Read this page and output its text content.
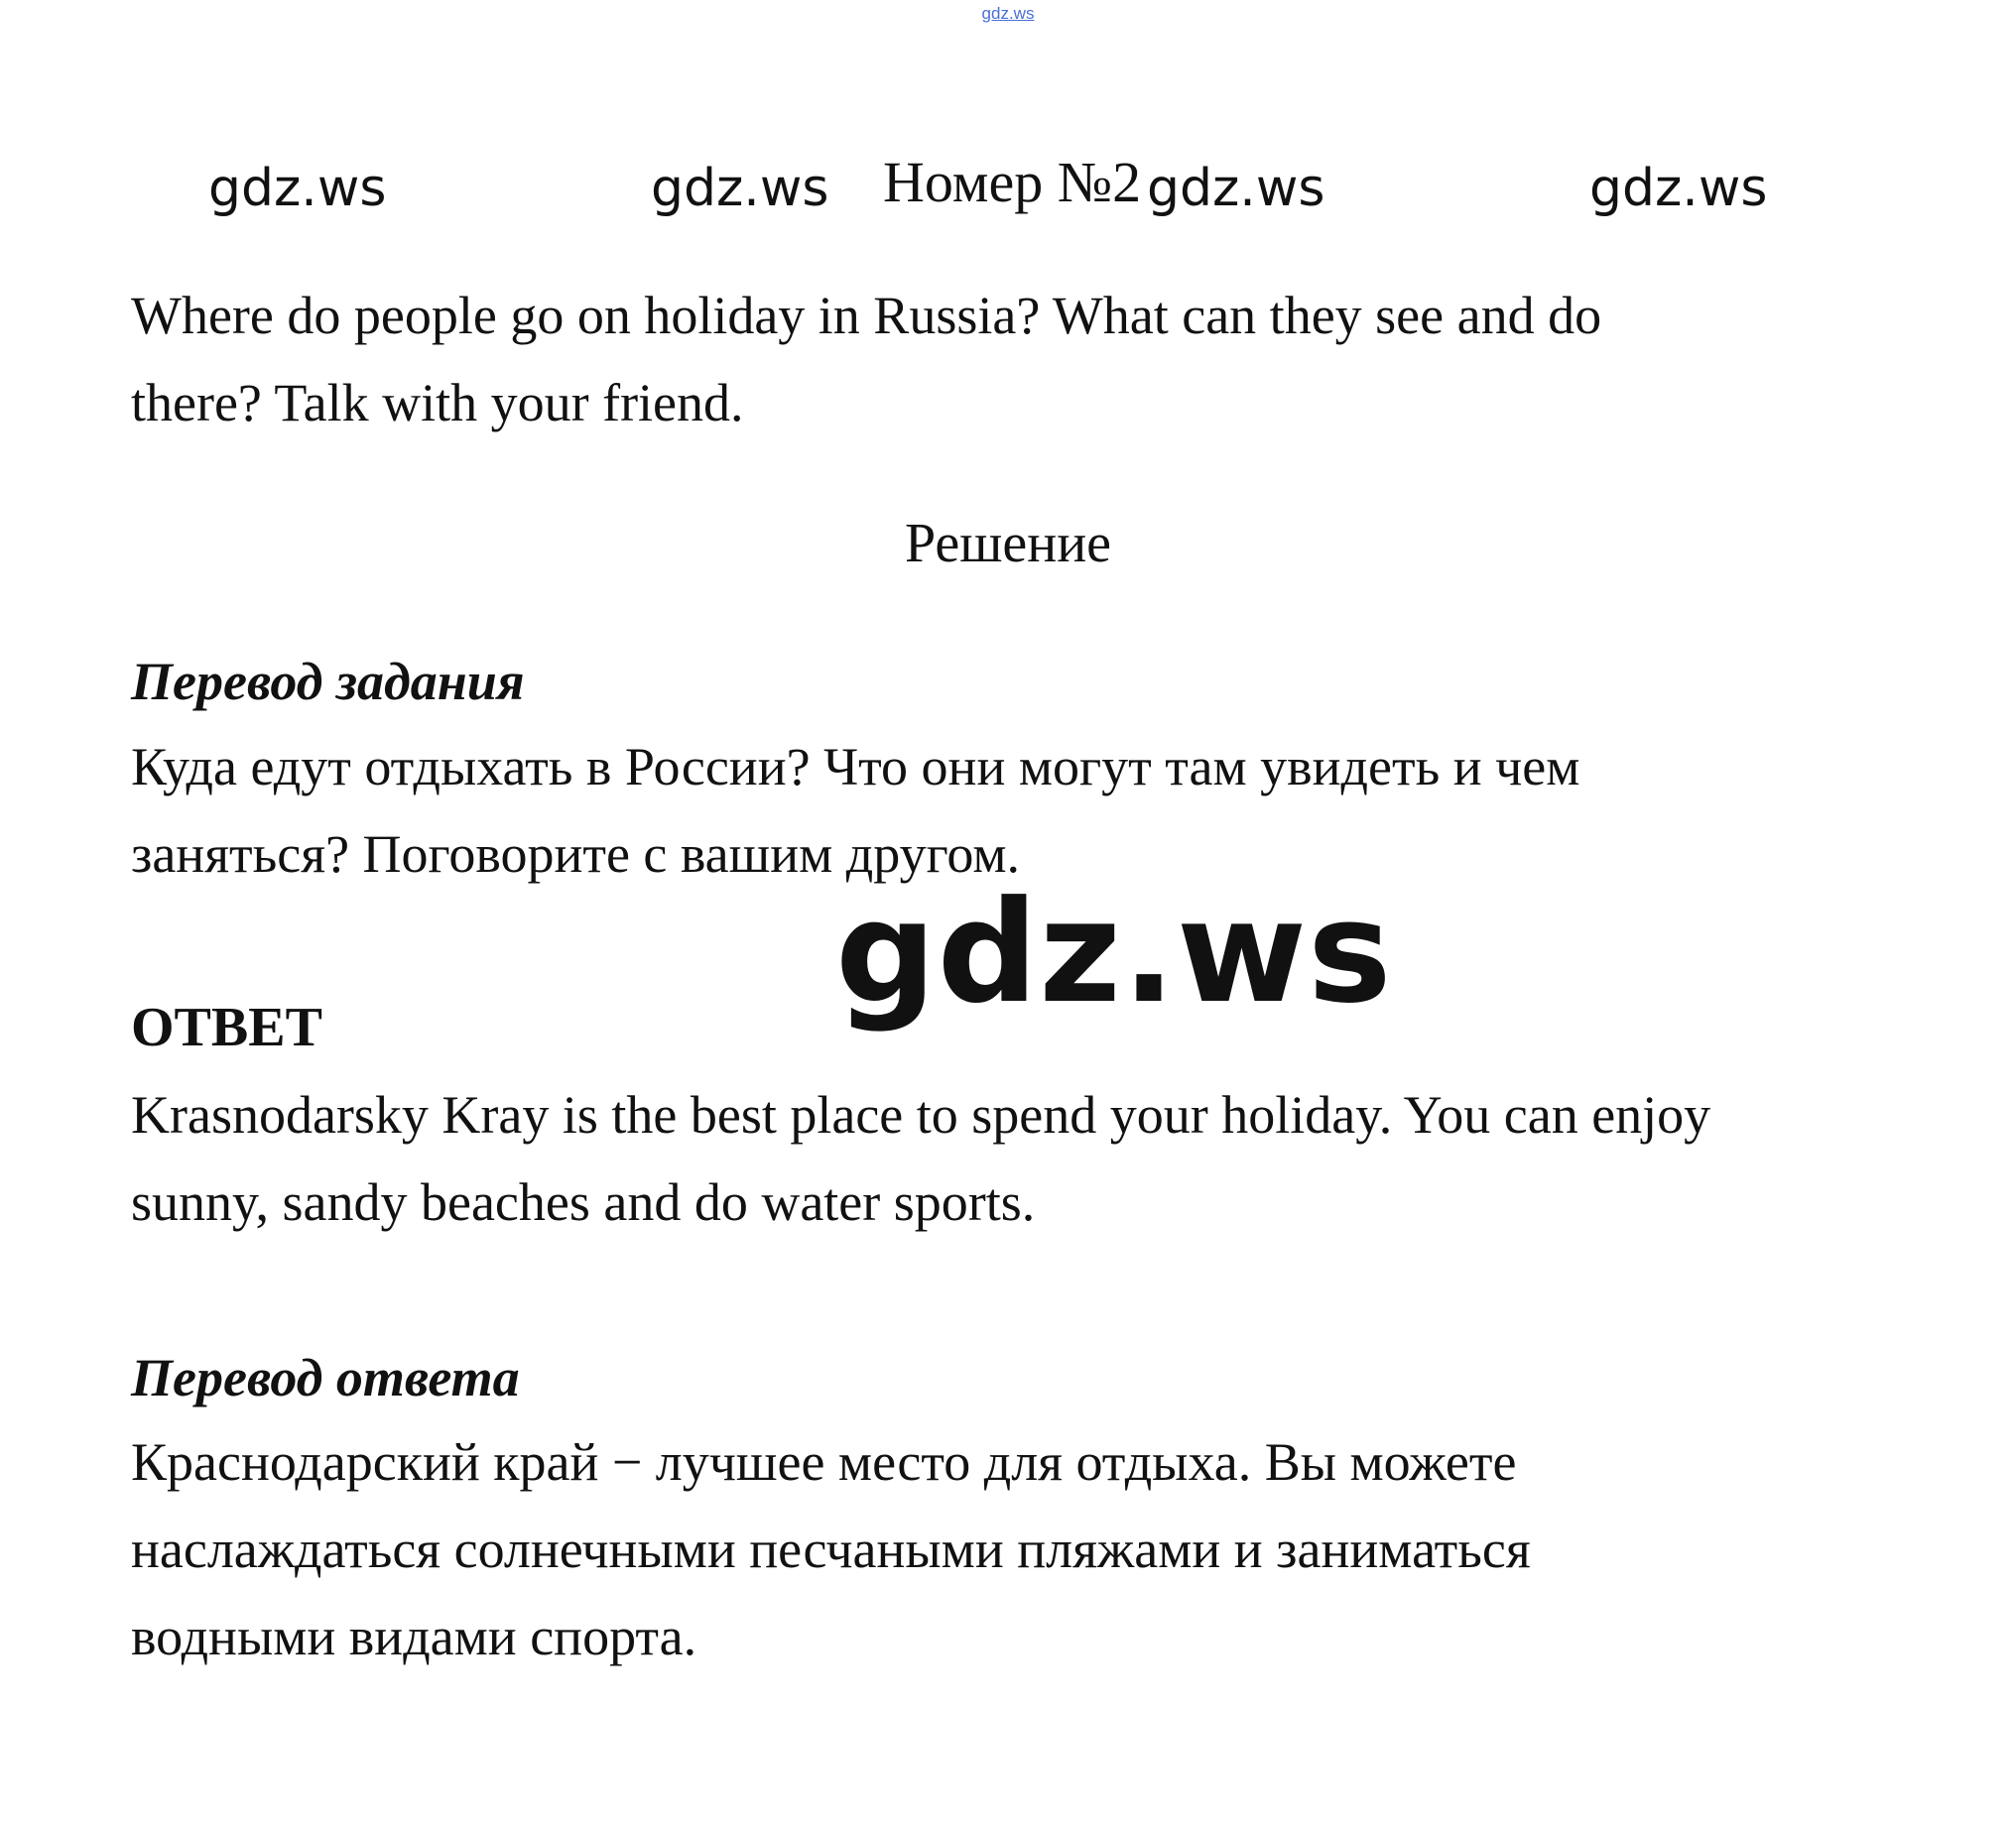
gdz.ws
gdz.ws	gdz.ws Номер №2 gdz.ws	gdz.ws
Where do people go on holiday in Russia? What can they see and do
there? Talk with your friend.
Решение
Перевод задания
Куда едут отдыхать в России? Что они могут там увидеть и чем
заняться? Поговорите с вашим другом.
gdz.ws
ОТВЕТ
Krasnodarsky Kray is the best place to spend your holiday. You can enjoy
sunny, sandy beaches and do water sports.
Перевод ответа
Краснодарский край − лучшее место для отдыха. Вы можете
наслаждаться солнечными песчаными пляжами и заниматься
водными видами спорта.
